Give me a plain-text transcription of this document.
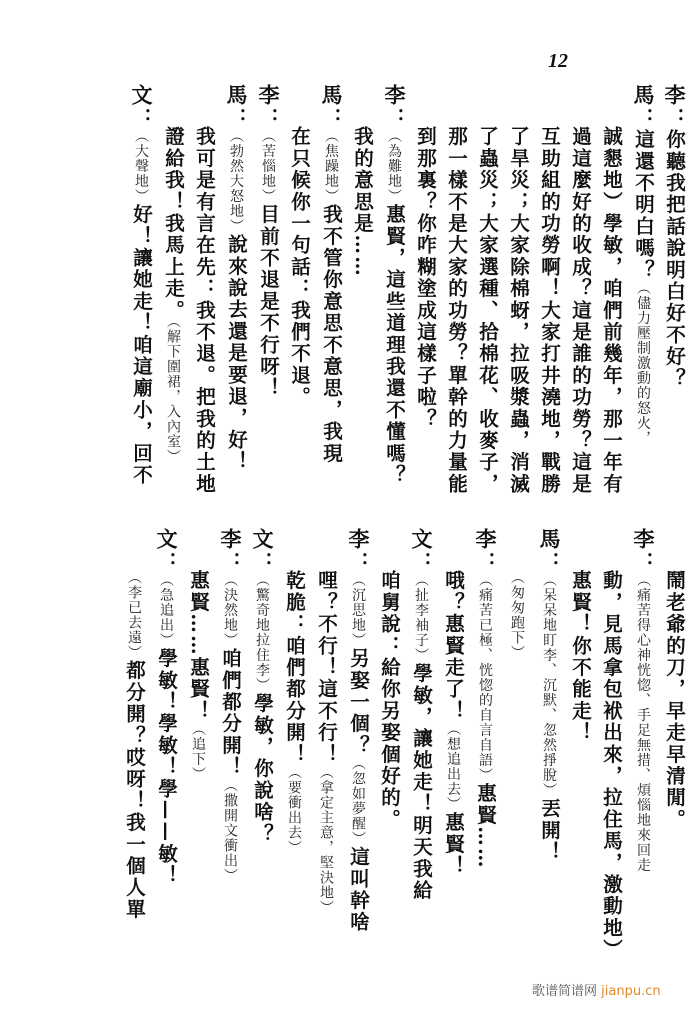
12
李：你聽我把話說明白好不好？
馬：這還不明白嗎？（儘力壓制激動的怒火，
誠懇地）學敏，咱們前幾年，那一年有
過這麼好的收成？這是誰的功勞？這是
互助組的功勞啊！大家打井澆地，戰勝
了旱災；大家除棉蚜，拉吸漿蟲，消滅
了蟲災；大家選種、拾棉花、收麥子，
那一樣不是大家的功勞？單幹的力量能
到那裏？你咋糊塗成這樣子啦？
李：（為難地）惠賢，這些道理我還不懂嗎？
我的意思是……
馬：（焦躁地）我不管你意思不意思，我現
在只候你一句話：我們不退。
李：（苦惱地）目前不退是不行呀！
馬：（勃然大怒地）說來說去還是要退，好！
我可是有言在先：我不退。把我的土地
證給我！我馬上走。（解下圍裙，入內室）
文：（大聲地）好！讓她走！咱這廟小，回不
鬧老爺的刀，早走早清閒。
李：（痛苦得心神恍惚、手足無措、煩惱地來回走
動，見馬拿包袱出來，拉住馬，激動地）
惠賢！你不能走！
馬：（呆呆地盯李、沉默、忽然掙脫）丟開！
（匆匆跑下）
李：（痛苦已極、恍惚的自言自語）惠賢……
哦？惠賢走了！（想追出去）惠賢！
文：（扯李袖子）學敏，讓她走！明天我給
咱舅說：給你另娶個好的。
李：（沉思地）另娶一個？（忽如夢醒）這叫幹啥
哩？不行！這不行！（拿定主意，堅決地）
乾脆：咱們都分開！（要衝出去）
文：（驚奇地拉住李）學敏，你說啥？
李：（決然地）咱們都分開！（撒開文衝出）
惠賢……惠賢！（追下）
文：（急追出）學敏！學敏！學——敏！
（李已去遠）都分開？哎呀！我一個人單
歌谱简谱网 jianpu.cn
